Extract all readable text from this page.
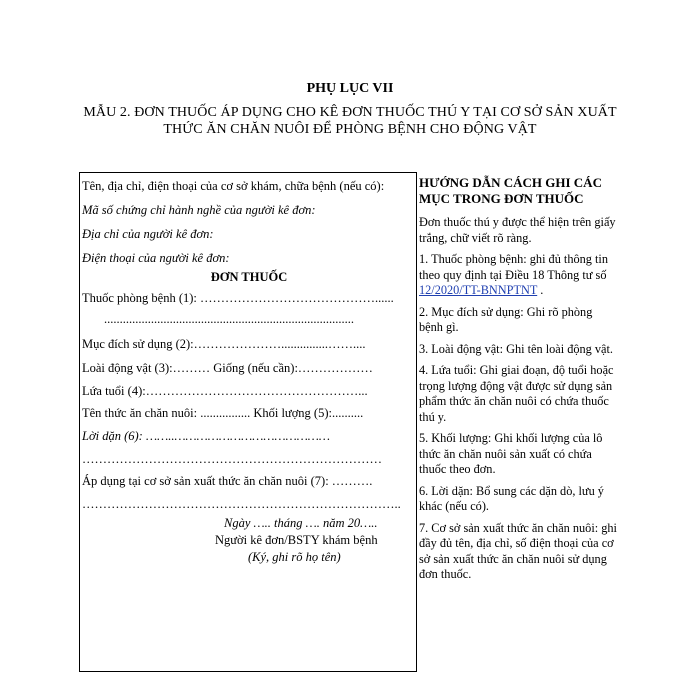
PHỤ LỤC VII
MẪU 2. ĐƠN THUỐC ÁP DỤNG CHO KÊ ĐƠN THUỐC THÚ Y TẠI CƠ SỞ SẢN XUẤT
THỨC ĂN CHĂN NUÔI ĐỂ PHÒNG BỆNH CHO ĐỘNG VẬT
Tên, địa chỉ, điện thoại của cơ sở khám, chữa bệnh (nếu có):
Mã số chứng chỉ hành nghề của người kê đơn:
Địa chỉ của người kê đơn:
Điện thoại của người kê đơn:
ĐƠN THUỐC
Thuốc phòng bệnh (1): ……………………………………......
................................................................................
Mục đích sử dụng (2):…………………...............……....
Loài động vật (3):……… Giống (nếu cần):………………
Lứa tuổi (4):……………………………………………...
Tên thức ăn chăn nuôi: ................ Khối lượng (5):..........
Lời dặn (6): ……..……………………………………
………………………………………………………………
Áp dụng tại cơ sở sản xuất thức ăn chăn nuôi (7): ……….
…………………………………………………………………..
Ngày ….. tháng …. năm 20…..
Người kê đơn/BSTY khám bệnh
(Ký, ghi rõ họ tên)
HƯỚNG DẪN CÁCH GHI CÁC MỤC TRONG ĐƠN THUỐC

Đơn thuốc thú y được thể hiện trên giấy trắng, chữ viết rõ ràng.

1. Thuốc phòng bệnh: ghi đủ thông tin theo quy định tại Điều 18 Thông tư số 12/2020/TT-BNNPTNT .

2. Mục đích sử dụng: Ghi rõ phòng bệnh gì.

3. Loài động vật: Ghi tên loài động vật.

4. Lứa tuổi: Ghi giai đoạn, độ tuổi hoặc trọng lượng động vật được sử dụng sản phẩm thức ăn chăn nuôi có chứa thuốc thú y.

5. Khối lượng: Ghi khối lượng của lô thức ăn chăn nuôi sản xuất có chứa thuốc theo đơn.

6. Lời dặn: Bổ sung các dặn dò, lưu ý khác (nếu có).

7. Cơ sở sản xuất thức ăn chăn nuôi: ghi đầy đủ tên, địa chỉ, số điện thoại của cơ sở sản xuất thức ăn chăn nuôi sử dụng đơn thuốc.
